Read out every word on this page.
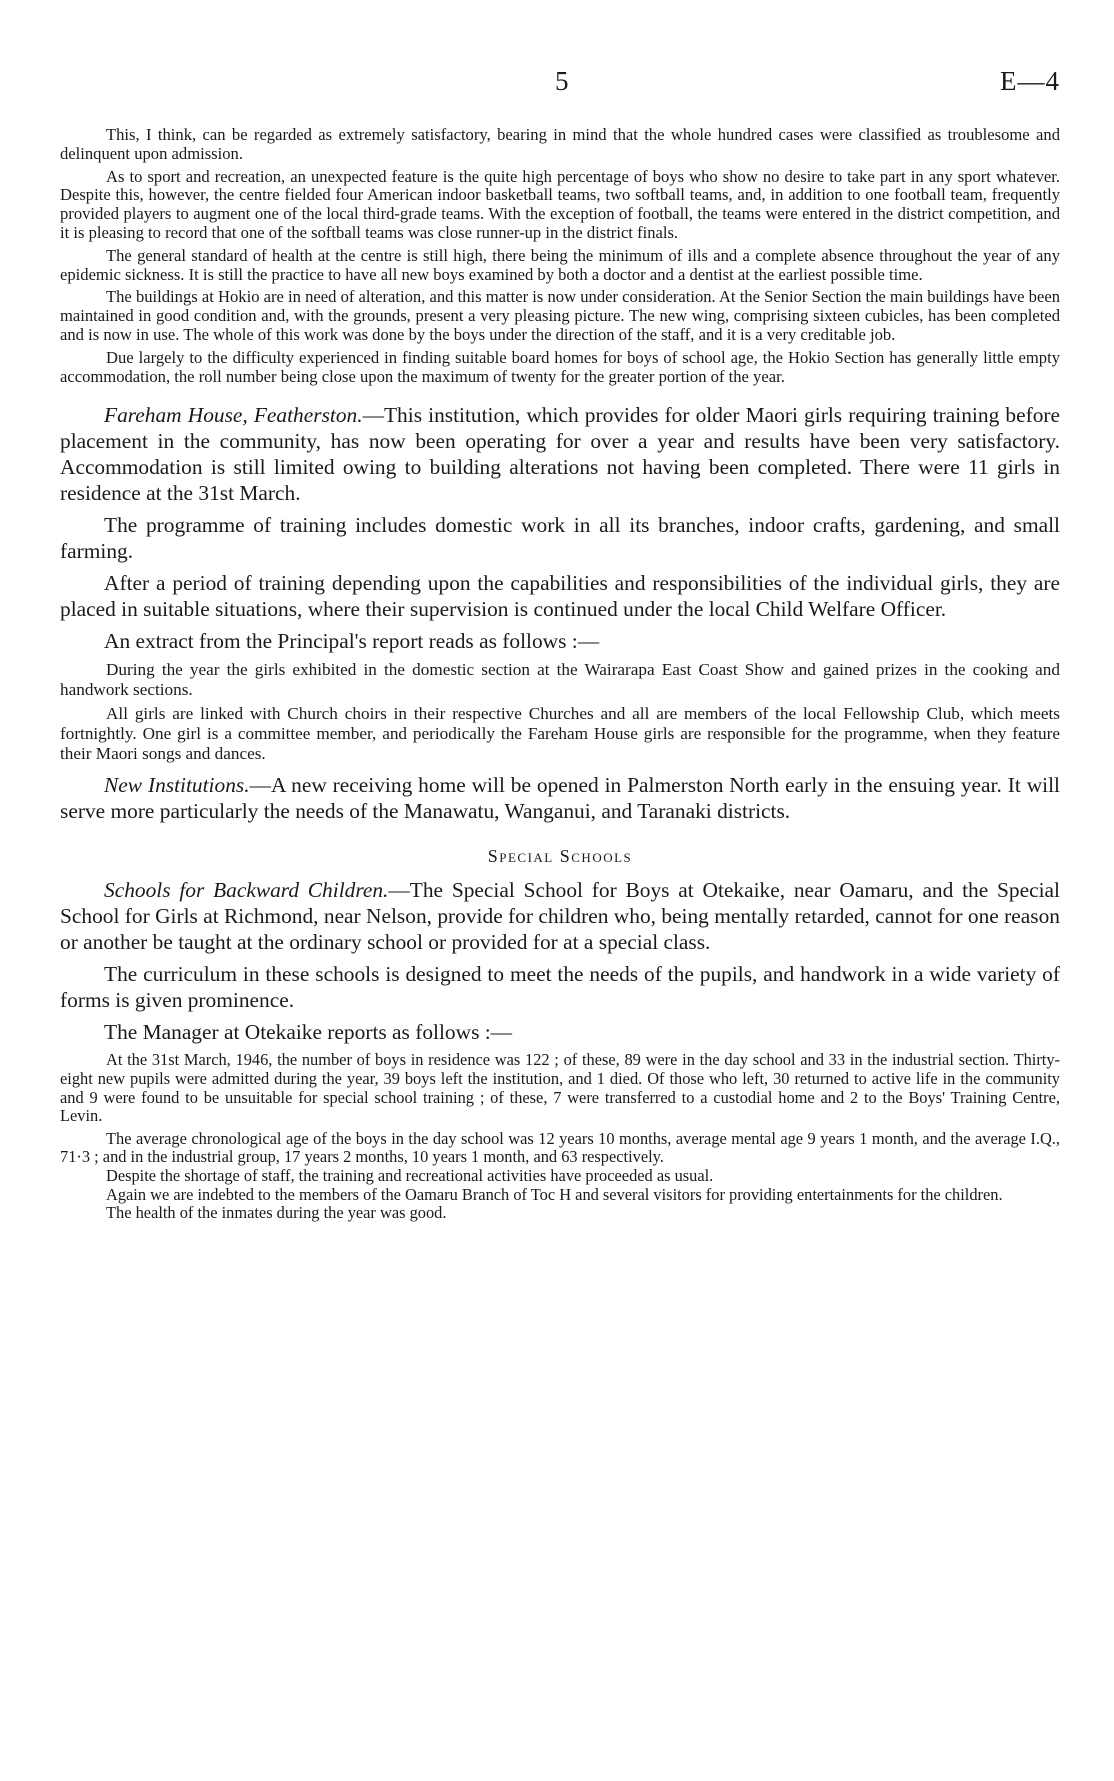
5	E—4

This, I think, can be regarded as extremely satisfactory, bearing in mind that the whole hundred cases were classified as troublesome and delinquent upon admission.

As to sport and recreation, an unexpected feature is the quite high percentage of boys who show no desire to take part in any sport whatever. Despite this, however, the centre fielded four American indoor basketball teams, two softball teams, and, in addition to one football team, frequently provided players to augment one of the local third-grade teams. With the exception of football, the teams were entered in the district competition, and it is pleasing to record that one of the softball teams was close runner-up in the district finals.

The general standard of health at the centre is still high, there being the minimum of ills and a complete absence throughout the year of any epidemic sickness. It is still the practice to have all new boys examined by both a doctor and a dentist at the earliest possible time.

The buildings at Hokio are in need of alteration, and this matter is now under consideration. At the Senior Section the main buildings have been maintained in good condition and, with the grounds, present a very pleasing picture. The new wing, comprising sixteen cubicles, has been completed and is now in use. The whole of this work was done by the boys under the direction of the staff, and it is a very creditable job.

Due largely to the difficulty experienced in finding suitable board homes for boys of school age, the Hokio Section has generally little empty accommodation, the roll number being close upon the maximum of twenty for the greater portion of the year.

Fareham House, Featherston.—This institution, which provides for older Maori girls requiring training before placement in the community, has now been operating for over a year and results have been very satisfactory. Accommodation is still limited owing to building alterations not having been completed. There were 11 girls in residence at the 31st March.

The programme of training includes domestic work in all its branches, indoor crafts, gardening, and small farming.

After a period of training depending upon the capabilities and responsibilities of the individual girls, they are placed in suitable situations, where their supervision is continued under the local Child Welfare Officer.

An extract from the Principal's report reads as follows :—

During the year the girls exhibited in the domestic section at the Wairarapa East Coast Show and gained prizes in the cooking and handwork sections.

All girls are linked with Church choirs in their respective Churches and all are members of the local Fellowship Club, which meets fortnightly. One girl is a committee member, and periodically the Fareham House girls are responsible for the programme, when they feature their Maori songs and dances.

New Institutions.—A new receiving home will be opened in Palmerston North early in the ensuing year. It will serve more particularly the needs of the Manawatu, Wanganui, and Taranaki districts.

Special Schools

Schools for Backward Children.—The Special School for Boys at Otekaike, near Oamaru, and the Special School for Girls at Richmond, near Nelson, provide for children who, being mentally retarded, cannot for one reason or another be taught at the ordinary school or provided for at a special class.

The curriculum in these schools is designed to meet the needs of the pupils, and handwork in a wide variety of forms is given prominence.

The Manager at Otekaike reports as follows :—

At the 31st March, 1946, the number of boys in residence was 122 ; of these, 89 were in the day school and 33 in the industrial section. Thirty-eight new pupils were admitted during the year, 39 boys left the institution, and 1 died. Of those who left, 30 returned to active life in the community and 9 were found to be unsuitable for special school training ; of these, 7 were transferred to a custodial home and 2 to the Boys' Training Centre, Levin.

The average chronological age of the boys in the day school was 12 years 10 months, average mental age 9 years 1 month, and the average I.Q., 71·3 ; and in the industrial group, 17 years 2 months, 10 years 1 month, and 63 respectively.

Despite the shortage of staff, the training and recreational activities have proceeded as usual.

Again we are indebted to the members of the Oamaru Branch of Toc H and several visitors for providing entertainments for the children.

The health of the inmates during the year was good.
